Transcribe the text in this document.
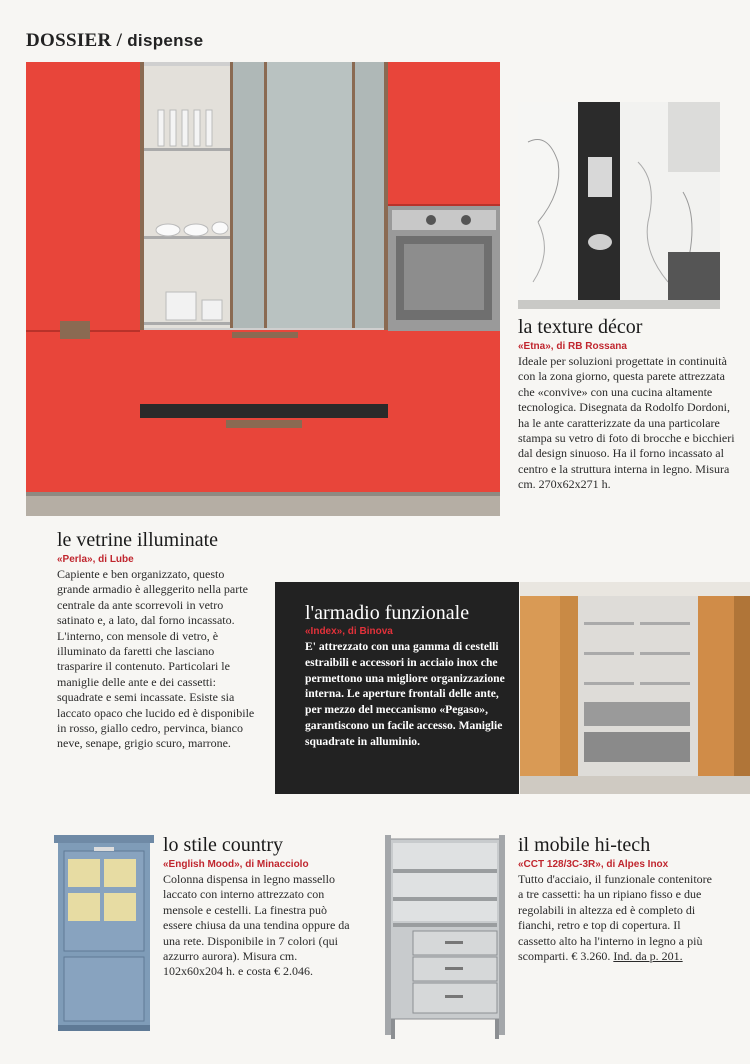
DOSSIER / dispense
la texture décor
«Etna», di RB Rossana
Ideale per soluzioni progettate in continuità con la zona giorno, questa parete attrezzata che «convive» con una cucina altamente tecnologica. Disegnata da Rodolfo Dordoni, ha le ante caratterizzate da una particolare stampa su vetro di foto di brocche e bicchieri dal design sinuoso. Ha il forno incassato al centro e la struttura interna in legno. Misura cm. 270x62x271 h.
le vetrine illuminate
«Perla», di Lube
Capiente e ben organizzato, questo grande armadio è alleggerito nella parte centrale da ante scorrevoli in vetro satinato e, a lato, dal forno incassato. L'interno, con mensole di vetro, è illuminato da faretti che lasciano trasparire il contenuto. Particolari le maniglie delle ante e dei cassetti: squadrate e semi incassate. Esiste sia laccato opaco che lucido ed è disponibile in rosso, giallo cedro, pervinca, bianco neve, senape, grigio scuro, marrone.
l'armadio funzionale
«Index», di Binova
E' attrezzato con una gamma di cestelli estraibili e accessori in acciaio inox che permettono una migliore organizzazione interna. Le aperture frontali delle ante, per mezzo del meccanismo «Pegaso», garantiscono un facile accesso. Maniglie squadrate in alluminio.
lo stile country
«English Mood», di Minacciolo
Colonna dispensa in legno massello laccato con interno attrezzato con mensole e cestelli. La finestra può essere chiusa da una tendina oppure da una rete. Disponibile in 7 colori (qui azzurro aurora). Misura cm. 102x60x204 h. e costa € 2.046.
il mobile hi-tech
«CCT 128/3C-3R», di Alpes Inox
Tutto d'acciaio, il funzionale contenitore a tre cassetti: ha un ripiano fisso e due regolabili in altezza ed è completo di fianchi, retro e top di copertura. Il cassetto alto ha l'interno in legno a più scomparti. € 3.260. Ind. da p. 201.
